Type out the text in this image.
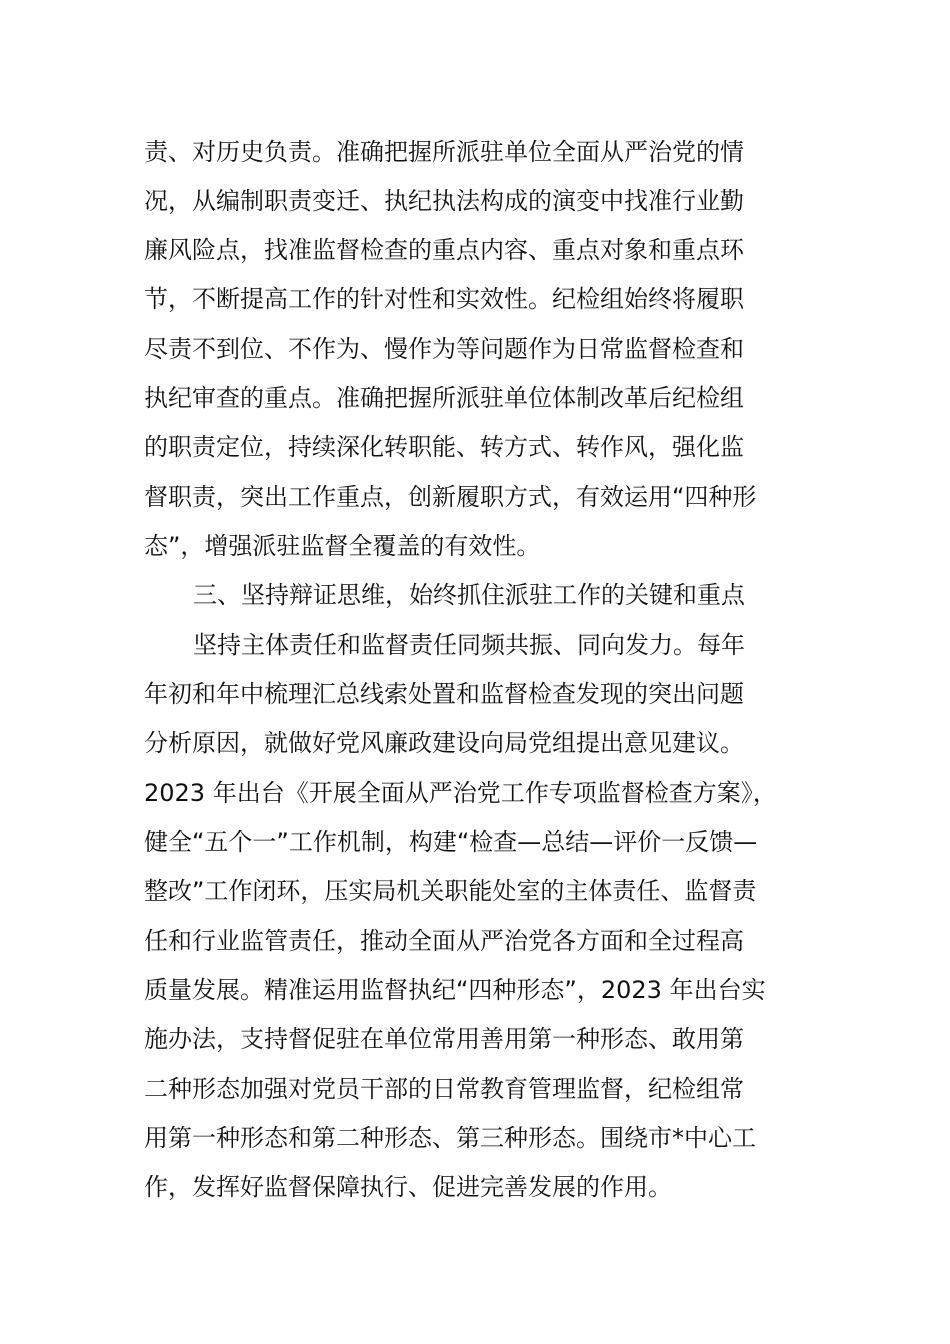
责、对历史负责。准确把握所派驻单位全面从严治党的情
况，从编制职责变迁、执纪执法构成的演变中找准行业勤
廉风险点，找准监督检查的重点内容、重点对象和重点环
节，不断提高工作的针对性和实效性。纪检组始终将履职
尽责不到位、不作为、慢作为等问题作为日常监督检查和
执纪审查的重点。准确把握所派驻单位体制改革后纪检组
的职责定位，持续深化转职能、转方式、转作风，强化监
督职责，突出工作重点，创新履职方式，有效运用“四种形
态”，增强派驻监督全覆盖的有效性。
三、坚持辩证思维，始终抓住派驻工作的关键和重点
坚持主体责任和监督责任同频共振、同向发力。每年
年初和年中梳理汇总线索处置和监督检查发现的突出问题
分析原因，就做好党风廉政建设向局党组提出意见建议。
2023 年出台《开展全面从严治党工作专项监督检查方案》，
健全“五个一”工作机制，构建“检查—总结—评价一反馈—
整改”工作闭环，压实局机关职能处室的主体责任、监督责
任和行业监管责任，推动全面从严治党各方面和全过程高
质量发展。精准运用监督执纪“四种形态”，2023 年出台实
施办法，支持督促驻在单位常用善用第一种形态、敢用第
二种形态加强对党员干部的日常教育管理监督，纪检组常
用第一种形态和第二种形态、第三种形态。围绕市*中心工
作，发挥好监督保障执行、促进完善发展的作用。
